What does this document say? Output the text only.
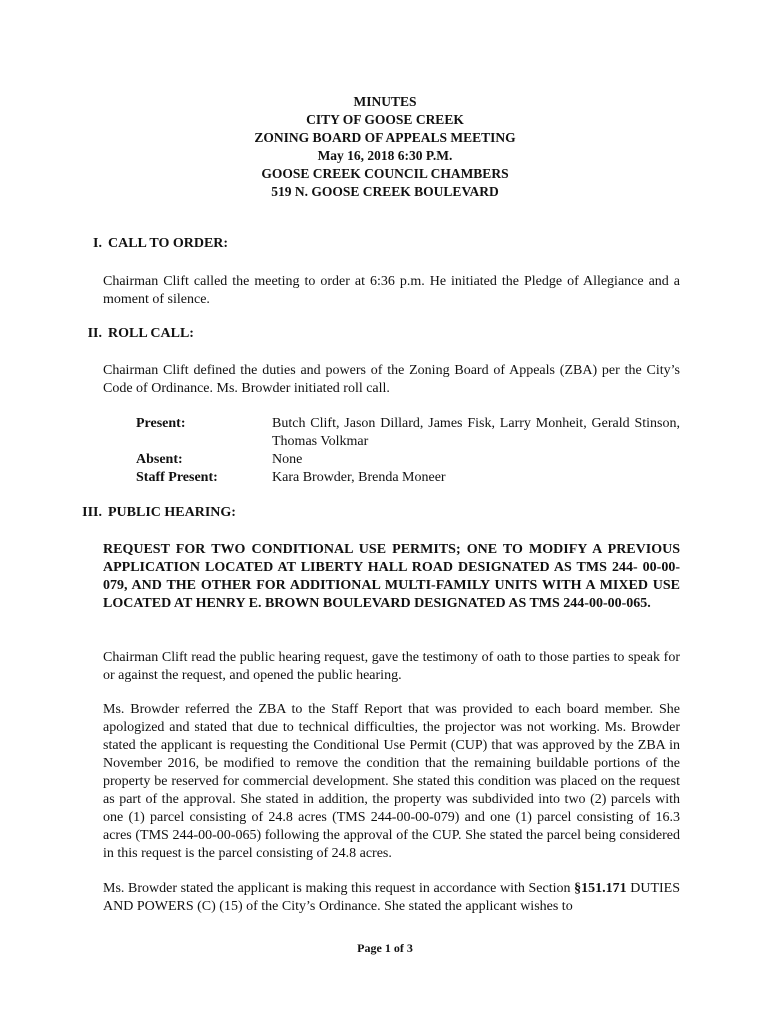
MINUTES
CITY OF GOOSE CREEK
ZONING BOARD OF APPEALS MEETING
May 16, 2018 6:30 P.M.
GOOSE CREEK COUNCIL CHAMBERS
519 N. GOOSE CREEK BOULEVARD
I. CALL TO ORDER:
Chairman Clift called the meeting to order at 6:36 p.m. He initiated the Pledge of Allegiance and a moment of silence.
II. ROLL CALL:
Chairman Clift defined the duties and powers of the Zoning Board of Appeals (ZBA) per the City’s Code of Ordinance. Ms. Browder initiated roll call.
Present:	Butch Clift, Jason Dillard, James Fisk, Larry Monheit, Gerald Stinson, Thomas Volkmar
Absent:	None
Staff Present:	Kara Browder, Brenda Moneer
III. PUBLIC HEARING:
REQUEST FOR TWO CONDITIONAL USE PERMITS; ONE TO MODIFY A PREVIOUS APPLICATION LOCATED AT LIBERTY HALL ROAD DESIGNATED AS TMS 244- 00-00-079, AND THE OTHER FOR ADDITIONAL MULTI-FAMILY UNITS WITH A MIXED USE LOCATED AT HENRY E. BROWN BOULEVARD DESIGNATED AS TMS 244-00-00-065.
Chairman Clift read the public hearing request, gave the testimony of oath to those parties to speak for or against the request, and opened the public hearing.
Ms. Browder referred the ZBA to the Staff Report that was provided to each board member. She apologized and stated that due to technical difficulties, the projector was not working. Ms. Browder stated the applicant is requesting the Conditional Use Permit (CUP) that was approved by the ZBA in November 2016, be modified to remove the condition that the remaining buildable portions of the property be reserved for commercial development. She stated this condition was placed on the request as part of the approval. She stated in addition, the property was subdivided into two (2) parcels with one (1) parcel consisting of 24.8 acres (TMS 244-00-00-079) and one (1) parcel consisting of 16.3 acres (TMS 244-00-00-065) following the approval of the CUP. She stated the parcel being considered in this request is the parcel consisting of 24.8 acres.
Ms. Browder stated the applicant is making this request in accordance with Section §151.171 DUTIES AND POWERS (C) (15) of the City’s Ordinance. She stated the applicant wishes to
Page 1 of 3
